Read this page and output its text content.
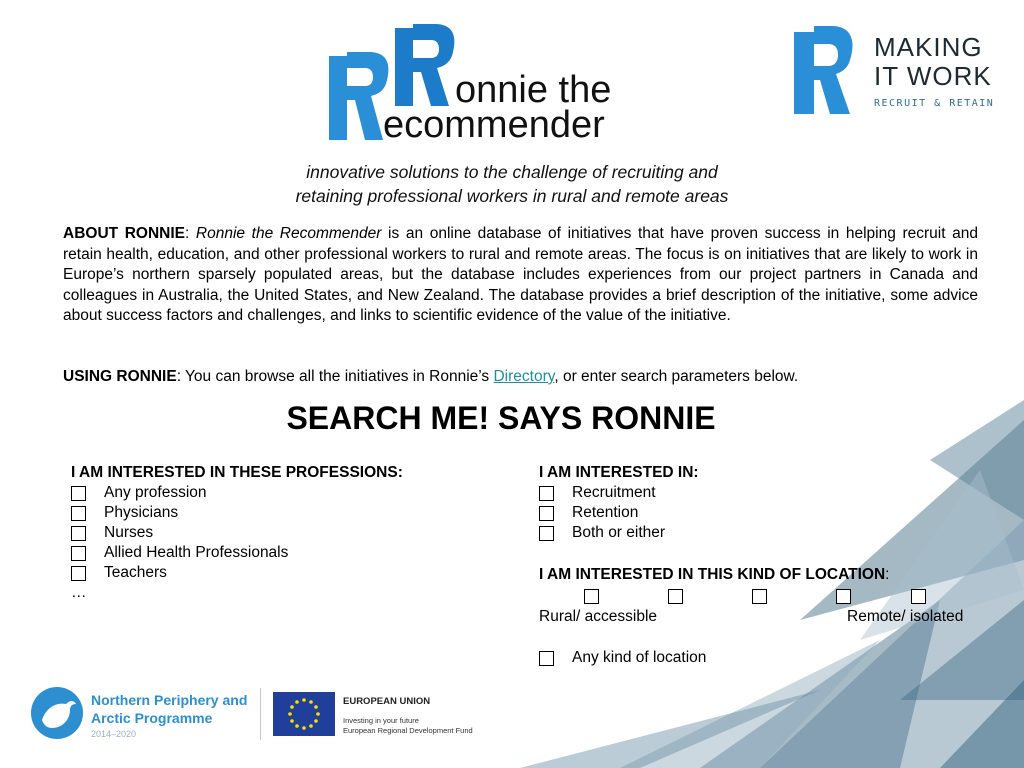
onnie the
ecommender
MAKING
IT WORK
RECRUIT & RETAIN
innovative solutions to the challenge of recruiting and
retaining professional workers in rural and remote areas
ABOUT RONNIE: Ronnie the Recommender is an online database of initiatives that have proven success in helping recruit and retain health, education, and other professional workers to rural and remote areas. The focus is on initiatives that are likely to work in Europe’s northern sparsely populated areas, but the database includes experiences from our project partners in Canada and colleagues in Australia, the United States, and New Zealand. The database provides a brief description of the initiative, some advice about success factors and challenges, and links to scientific evidence of the value of the initiative.
USING RONNIE: You can browse all the initiatives in Ronnie’s Directory, or enter search parameters below.
SEARCH ME! SAYS RONNIE
I AM INTERESTED IN THESE PROFESSIONS:
Any profession
Physicians
Nurses
Allied Health Professionals
Teachers
…
I AM INTERESTED IN:
Recruitment
Retention
Both or either
I AM INTERESTED IN THIS KIND OF LOCATION:
Rural/ accessible	Remote/ isolated
Any kind of location
Northern Periphery and
Arctic Programme
2014–2020
EUROPEAN UNION
Investing in your future
European Regional Development Fund
